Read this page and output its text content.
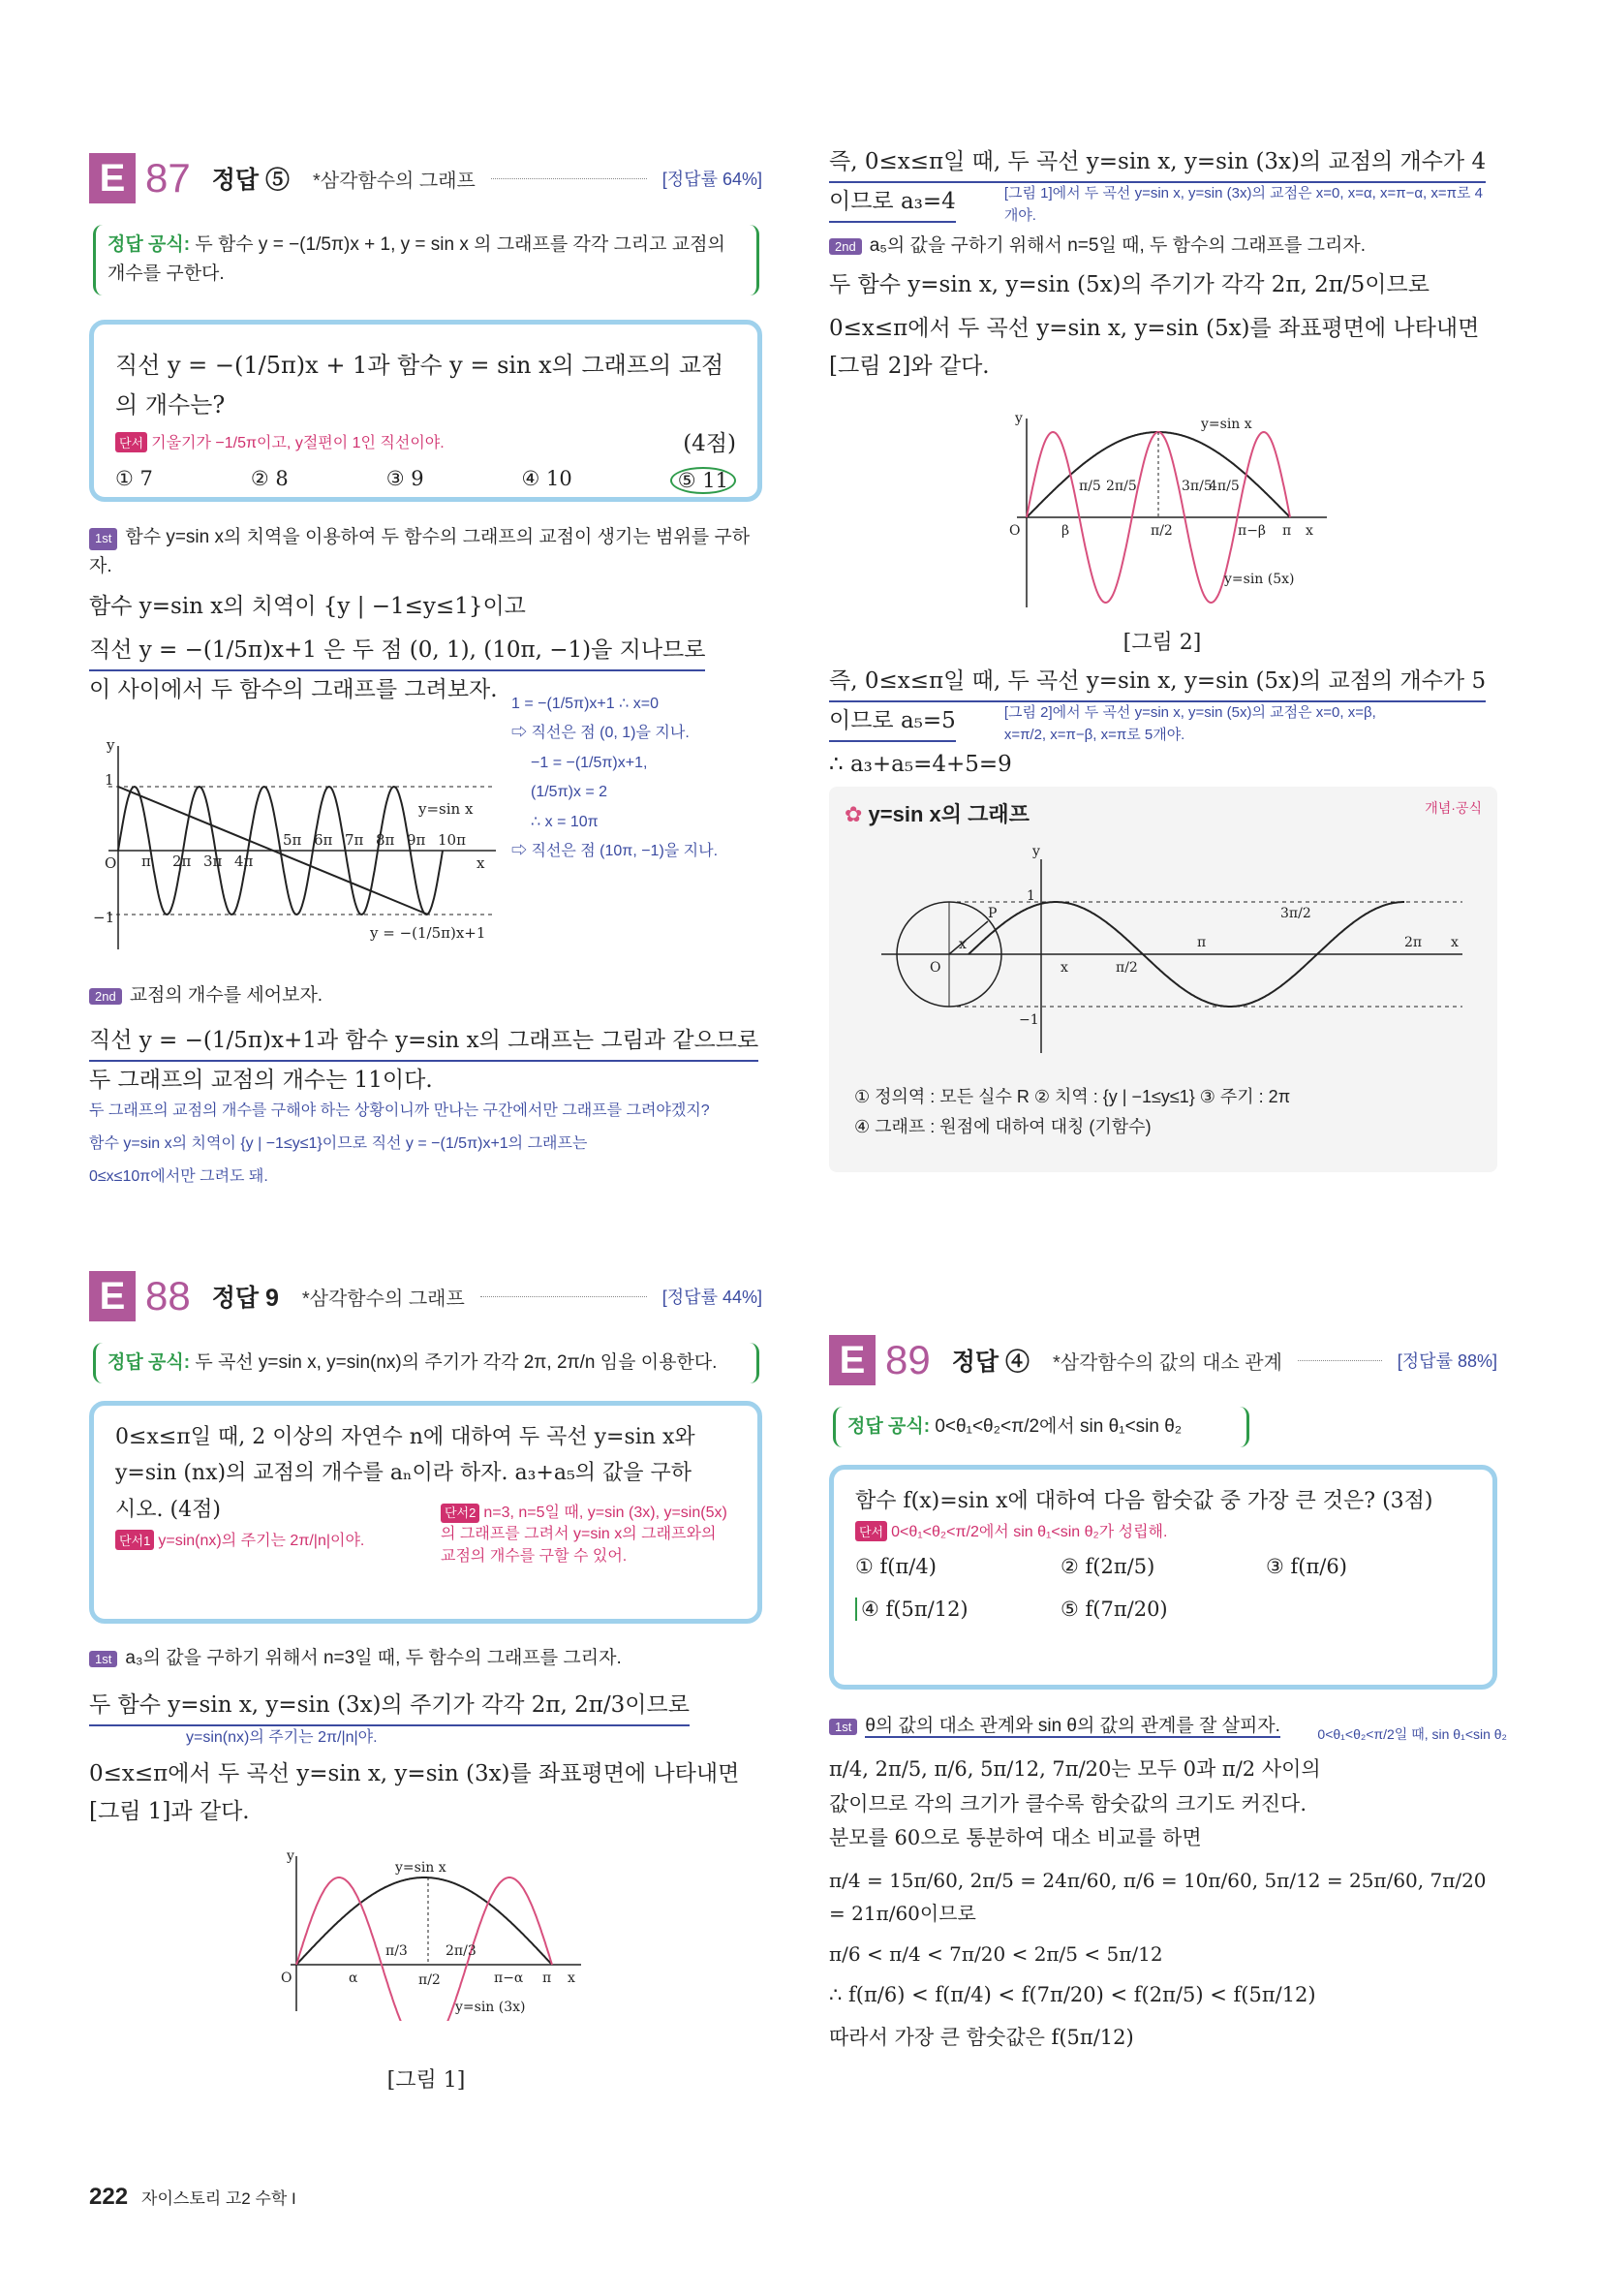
E 87 정답 ⑤ *삼각함수의 그래프	[정답률 64%]
정답 공식: 두 함수 y = −(1/5π)x + 1, y = sin x 의 그래프를 각각 그리고 교점의 개수를 구한다.
직선 y = −(1/5π)x + 1과 함수 y = sin x의 그래프의 교점의 개수는?
단서 기울기가 −1/5π이고, y절편이 1인 직선이야.	(4점)
① 7	② 8	③ 9	④ 10	⑤ 11
1st 함수 y=sin x의 치역을 이용하여 두 함수의 그래프의 교점이 생기는 범위를 구하자.
함수 y=sin x의 치역이 {y | −1≤y≤1}이고
직선 y = −(1/5π)x+1 은 두 점 (0, 1), (10π, −1)을 지나므로
이 사이에서 두 함수의 그래프를 그려보자.
1 = −(1/5π)x+1 ∴ x=0
⇨ 직선은 점 (0, 1)을 지나.
−1 = −(1/5π)x+1,
(1/5π)x = 2
∴ x = 10π
⇨ 직선은 점 (10π, −1)을 지나.
y
1
−1
O	x
π 2π 3π 4π
5π 6π 7π 8π 9π 10π
y=sin x
y = −(1/5π)x+1
2nd 교점의 개수를 세어보자.
직선 y = −(1/5π)x+1과 함수 y=sin x의 그래프는 그림과 같으므로
두 그래프의 교점의 개수는 11이다.
두 그래프의 교점의 개수를 구해야 하는 상황이니까 만나는 구간에서만 그래프를 그려야겠지?
함수 y=sin x의 치역이 {y | −1≤y≤1}이므로 직선 y = −(1/5π)x+1의 그래프는
0≤x≤10π에서만 그려도 돼.
E 88 정답 9 *삼각함수의 그래프	[정답률 44%]
정답 공식: 두 곡선 y=sin x, y=sin(nx)의 주기가 각각 2π, 2π/n 임을 이용한다.
0≤x≤π일 때, 2 이상의 자연수 n에 대하여 두 곡선 y=sin x와
y=sin (nx)의 교점의 개수를 aₙ이라 하자. a₃+a₅의 값을 구하
시오. (4점)
단서1 y=sin(nx)의 주기는 2π/|n|이야.
단서2 n=3, n=5일 때, y=sin (3x), y=sin(5x)의 그래프를 그려서 y=sin x의 그래프와의 교점의 개수를 구할 수 있어.
1st a₃의 값을 구하기 위해서 n=3일 때, 두 함수의 그래프를 그리자.
두 함수 y=sin x, y=sin (3x)의 주기가 각각 2π, 2π/3이므로
y=sin(nx)의 주기는 2π/|n|야.
0≤x≤π에서 두 곡선 y=sin x, y=sin (3x)를 좌표평면에 나타내면
[그림 1]과 같다.
y
y=sin x
π/3	2π/3
O	α	π/2	π−α π x
y=sin (3x)
[그림 1]
즉, 0≤x≤π일 때, 두 곡선 y=sin x, y=sin (3x)의 교점의 개수가 4
이므로 a₃=4	[그림 1]에서 두 곡선 y=sin x, y=sin (3x)의 교점은 x=0, x=α, x=π−α, x=π로 4개야.
2nd a₅의 값을 구하기 위해서 n=5일 때, 두 함수의 그래프를 그리자.
두 함수 y=sin x, y=sin (5x)의 주기가 각각 2π, 2π/5이므로
0≤x≤π에서 두 곡선 y=sin x, y=sin (5x)를 좌표평면에 나타내면
[그림 2]와 같다.
y	y=sin x
π/5 2π/5	3π/5
4π/5
O	β	π/2	π−β π x
y=sin (5x)
[그림 2]
즉, 0≤x≤π일 때, 두 곡선 y=sin x, y=sin (5x)의 교점의 개수가 5
이므로 a₅=5	[그림 2]에서 두 곡선 y=sin x, y=sin (5x)의 교점은 x=0, x=β, x=π/2, x=π−β, x=π로 5개야.
∴ a₃+a₅=4+5=9
✿ y=sin x의 그래프	개념·공식
y
1
P
x
O
−1
x	π/2
π
3π/2
2π x
① 정의역 : 모든 실수 R ② 치역 : {y | −1≤y≤1} ③ 주기 : 2π
④ 그래프 : 원점에 대하여 대칭 (기함수)
E 89 정답 ④ *삼각함수의 값의 대소 관계	[정답률 88%]
정답 공식: 0<θ₁<θ₂<π/2에서 sin θ₁<sin θ₂
함수 f(x)=sin x에 대하여 다음 함숫값 중 가장 큰 것은? (3점)
단서 0<θ₁<θ₂<π/2에서 sin θ₁<sin θ₂가 성립해.
① f(π/4)	② f(2π/5)	③ f(π/6)
④ f(5π/12)	⑤ f(7π/20)
1st θ의 값의 대소 관계와 sin θ의 값의 관계를 잘 살피자.	0<θ₁<θ₂<π/2일 때, sin θ₁<sin θ₂
π/4, 2π/5, π/6, 5π/12, 7π/20는 모두 0과 π/2 사이의
값이므로 각의 크기가 클수록 함숫값의 크기도 커진다.
분모를 60으로 통분하여 대소 비교를 하면
π/4 = 15π/60, 2π/5 = 24π/60, π/6 = 10π/60, 5π/12 = 25π/60, 7π/20 = 21π/60이므로
π/6 < π/4 < 7π/20 < 2π/5 < 5π/12
∴ f(π/6) < f(π/4) < f(7π/20) < f(2π/5) < f(5π/12)
따라서 가장 큰 함숫값은 f(5π/12)
222 자이스토리 고2 수학 I
